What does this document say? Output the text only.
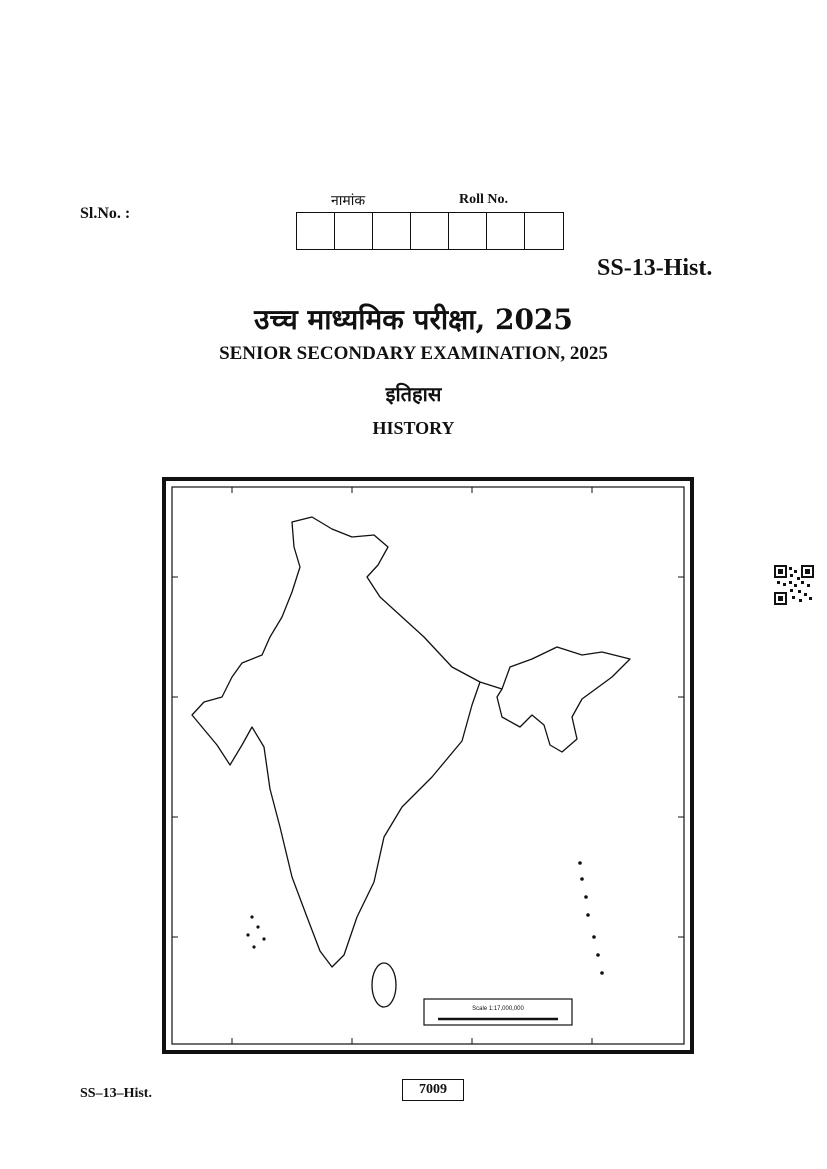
Sl.No. :
नामांक	Roll No.
SS-13-Hist.
उच्च माध्यमिक परीक्षा, 2025
SENIOR SECONDARY EXAMINATION, 2025
इतिहास
HISTORY
Scale 1:17,000,000
SS–13–Hist.	7009
